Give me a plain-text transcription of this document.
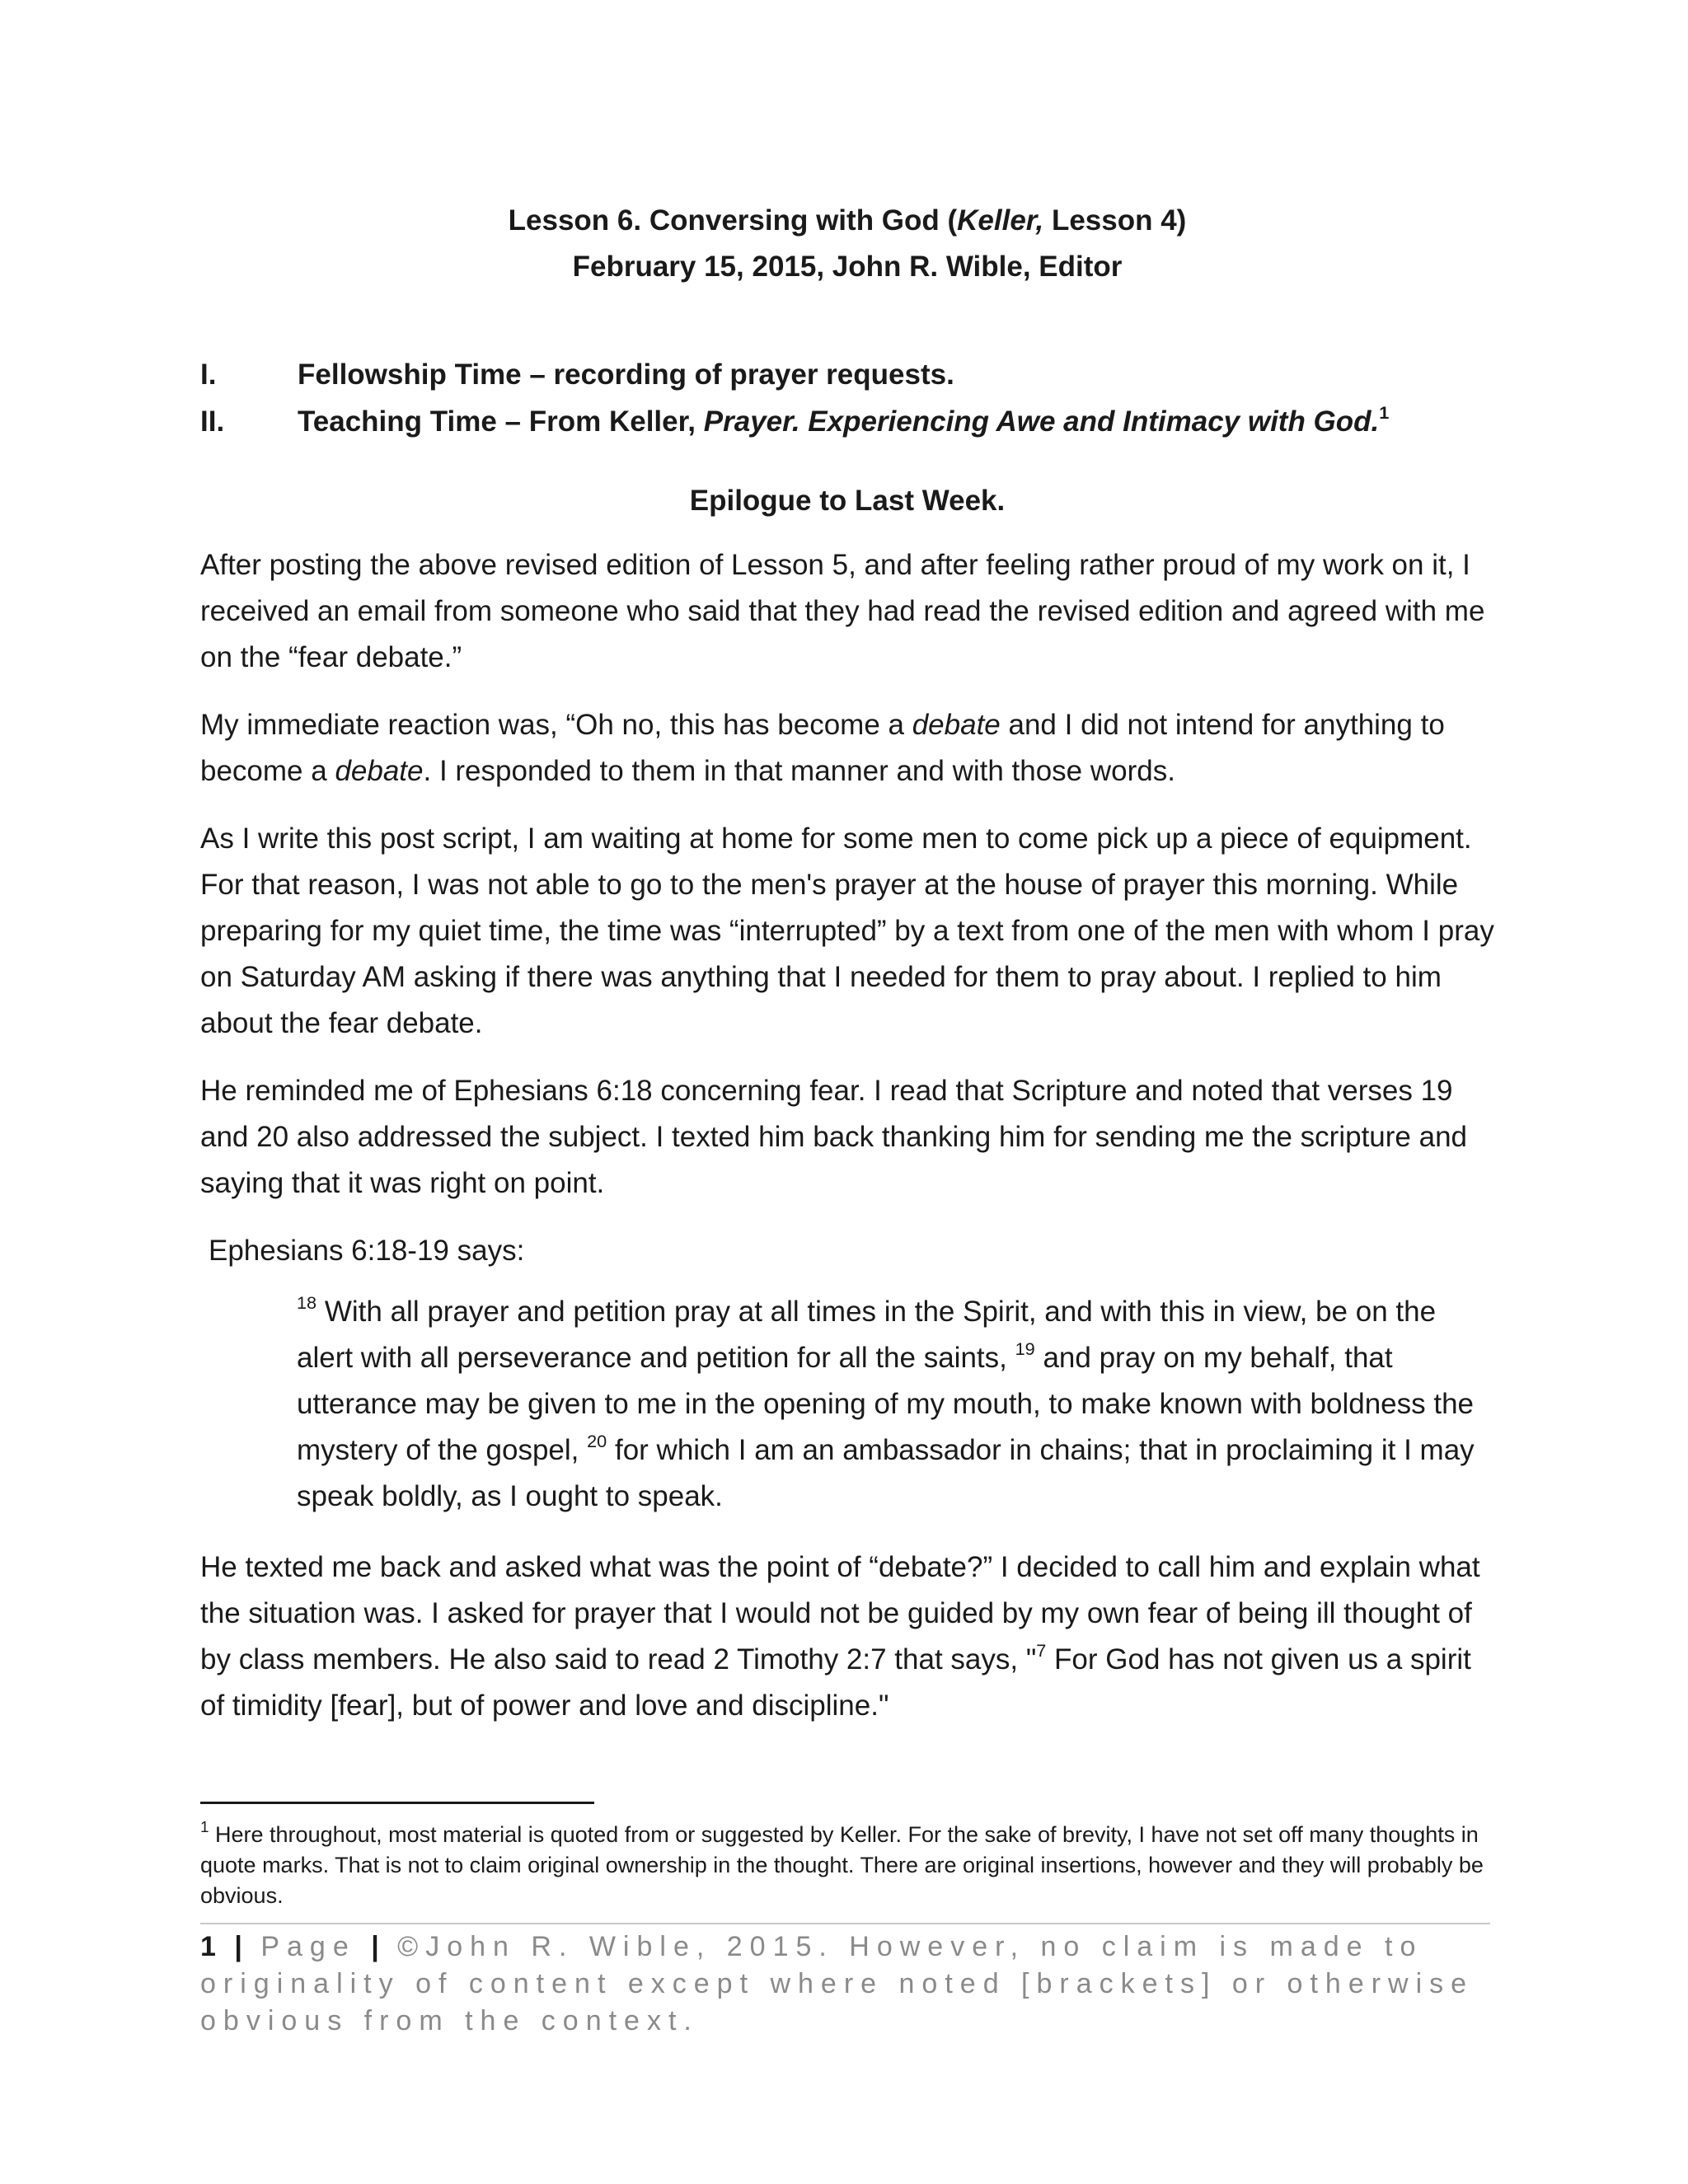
Lesson 6. Conversing with God (Keller, Lesson 4)
February 15, 2015, John R. Wible, Editor
I.	Fellowship Time – recording of prayer requests.
II.	Teaching Time – From Keller, Prayer. Experiencing Awe and Intimacy with God.$^1$
Epilogue to Last Week.

After posting the above revised edition of Lesson 5, and after feeling rather proud of my work on it, I received an email from someone who said that they had read the revised edition and agreed with me on the “fear debate.”

My immediate reaction was, “Oh no, this has become a debate and I did not intend for anything to become a debate. I responded to them in that manner and with those words.

As I write this post script, I am waiting at home for some men to come pick up a piece of equipment. For that reason, I was not able to go to the men's prayer at the house of prayer this morning. While preparing for my quiet time, the time was “interrupted” by a text from one of the men with whom I pray on Saturday AM asking if there was anything that I needed for them to pray about. I replied to him about the fear debate.

He reminded me of Ephesians 6:18 concerning fear. I read that Scripture and noted that verses 19 and 20 also addressed the subject. I texted him back thanking him for sending me the scripture and saying that it was right on point.

Ephesians 6:18-19 says:
$^{18}$ With all prayer and petition pray at all times in the Spirit, and with this in view, be on the alert with all perseverance and petition for all the saints, $^{19}$ and pray on my behalf, that utterance may be given to me in the opening of my mouth, to make known with boldness the mystery of the gospel, $^{20}$ for which I am an ambassador in chains; that in proclaiming it I may speak boldly, as I ought to speak.

He texted me back and asked what was the point of “debate?” I decided to call him and explain what the situation was. I asked for prayer that I would not be guided by my own fear of being ill thought of by class members. He also said to read 2 Timothy 2:7 that says, "$^7$ For God has not given us a spirit of timidity [fear], but of power and love and discipline."

$^1$ Here throughout, most material is quoted from or suggested by Keller. For the sake of brevity, I have not set off many thoughts in quote marks. That is not to claim original ownership in the thought. There are original insertions, however and they will probably be obvious.
1 | Page | ©John R. Wible, 2015. However, no claim is made to originality of content except where noted [brackets] or otherwise obvious from the context.
